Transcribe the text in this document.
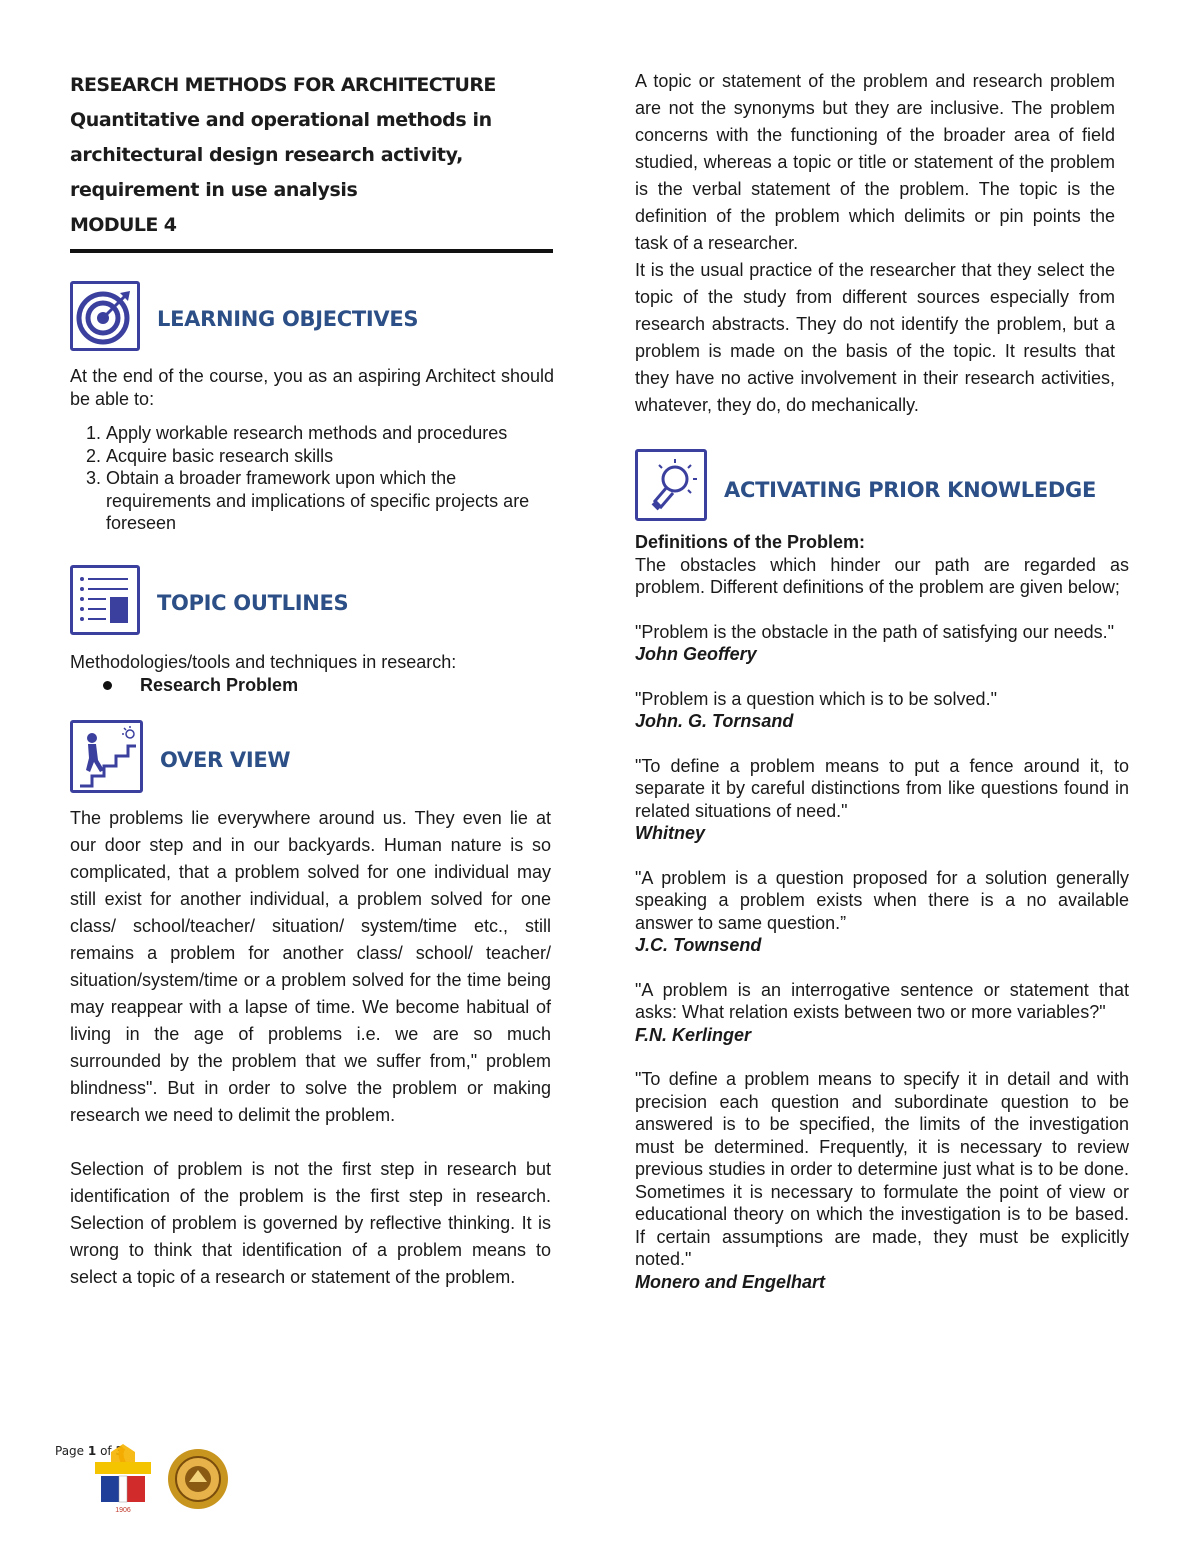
RESEARCH METHODS FOR ARCHITECTURE
Quantitative and operational methods in
architectural design research activity,
requirement in use analysis
MODULE 4
LEARNING OBJECTIVES

At the end of the course, you as an aspiring Architect should be able to:

1. Apply workable research methods and procedures
2. Acquire basic research skills
3. Obtain a broader framework upon which the requirements and implications of specific projects are foreseen
TOPIC OUTLINES

Methodologies/tools and techniques in research:

Research Problem
OVER VIEW

The problems lie everywhere around us. They even lie at our door step and in our backyards. Human nature is so complicated, that a problem solved for one individual may still exist for another individual, a problem solved for one class/ school/teacher/ situation/ system/time etc., still remains a problem for another class/ school/ teacher/ situation/system/time or a problem solved for the time being may reappear with a lapse of time. We become habitual of living in the age of problems i.e. we are so much surrounded by the problem that we suffer from," problem blindness". But in order to solve the problem or making research we need to delimit the problem.

Selection of problem is not the first step in research but identification of the problem is the first step in research. Selection of problem is governed by reflective thinking. It is wrong to think that identification of a problem means to select a topic of a research or statement of the problem.

A topic or statement of the problem and research problem are not the synonyms but they are inclusive. The problem concerns with the functioning of the broader area of field studied, whereas a topic or title or statement of the problem is the verbal statement of the problem. The topic is the definition of the problem which delimits or pin points the task of a researcher.

It is the usual practice of the researcher that they select the topic of the study from different sources especially from research abstracts. They do not identify the problem, but a problem is made on the basis of the topic. It results that they have no active involvement in their research activities, whatever, they do, do mechanically.

ACTIVATING PRIOR KNOWLEDGE
Definitions of the Problem:

The obstacles which hinder our path are regarded as problem. Different definitions of the problem are given below;

"Problem is the obstacle in the path of satisfying our needs."

John Geoffery

"Problem is a question which is to be solved."

John. G. Tornsand

"To define a problem means to put a fence around it, to separate it by careful distinctions from like questions found in related situations of need."

Whitney

"A problem is a question proposed for a solution generally speaking a problem exists when there is a no available answer to same question.”

J.C. Townsend

"A problem is an interrogative sentence or statement that asks: What relation exists between two or more variables?"

F.N. Kerlinger

"To define a problem means to specify it in detail and with precision each question and subordinate question to be answered is to be specified, the limits of the investigation must be determined. Frequently, it is necessary to review previous studies in order to determine just what is to be done. Sometimes it is necessary to formulate the point of view or educational theory on which the investigation is to be based. If certain assumptions are made, they must be explicitly noted."

Monero and Engelhart
Page 1 of
1906
